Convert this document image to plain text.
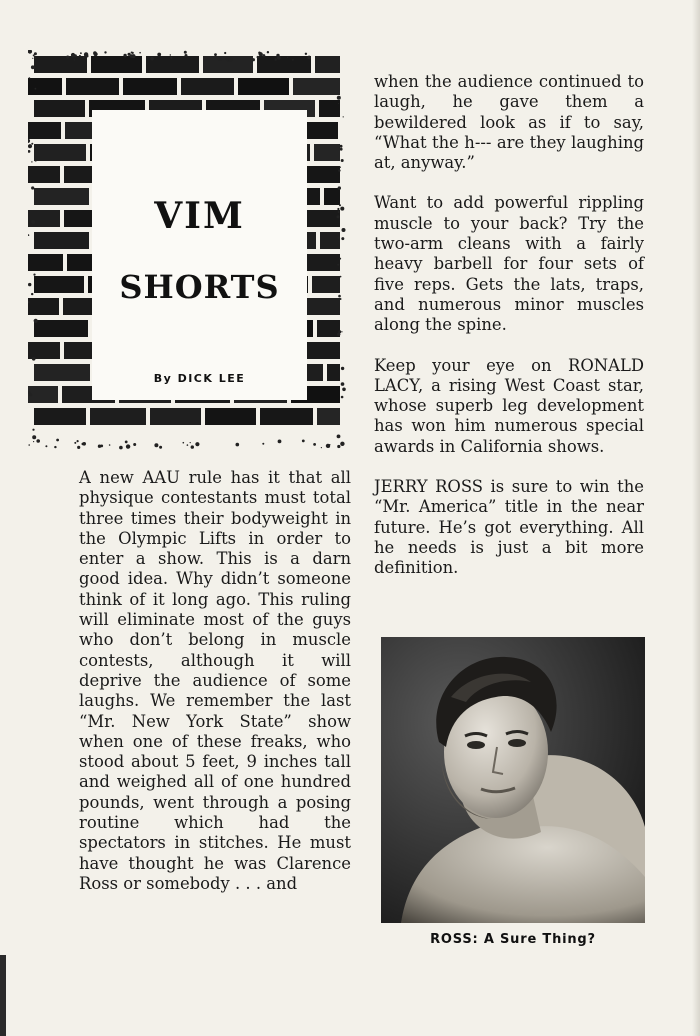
VIM
SHORTS
By DICK LEE

A new AAU rule has it that all physique contestants must total three times their bodyweight in the Olympic Lifts in order to enter a show. This is a darn good idea. Why didn’t someone think of it long ago. This ruling will eliminate most of the guys who don’t belong in muscle contests, although it will deprive the audience of some laughs. We remember the last “Mr. New York State” show when one of these freaks, who stood about 5 feet, 9 inches tall and weighed all of one hundred pounds, went through a posing routine which had the spectators in stitches. He must have thought he was Clarence Ross or somebody . . . and

when the audience continued to laugh, he gave them a bewildered look as if to say, “What the h--- are they laughing at, anyway.”

Want to add powerful rippling muscle to your back? Try the two-arm cleans with a fairly heavy barbell for four sets of five reps. Gets the lats, traps, and numerous minor muscles along the spine.

Keep your eye on RONALD LACY, a rising West Coast star, whose superb leg development has won him numerous special awards in California shows.

JERRY ROSS is sure to win the “Mr. America” title in the near future. He’s got everything. All he needs is just a bit more definition.

ROSS: A Sure Thing?
